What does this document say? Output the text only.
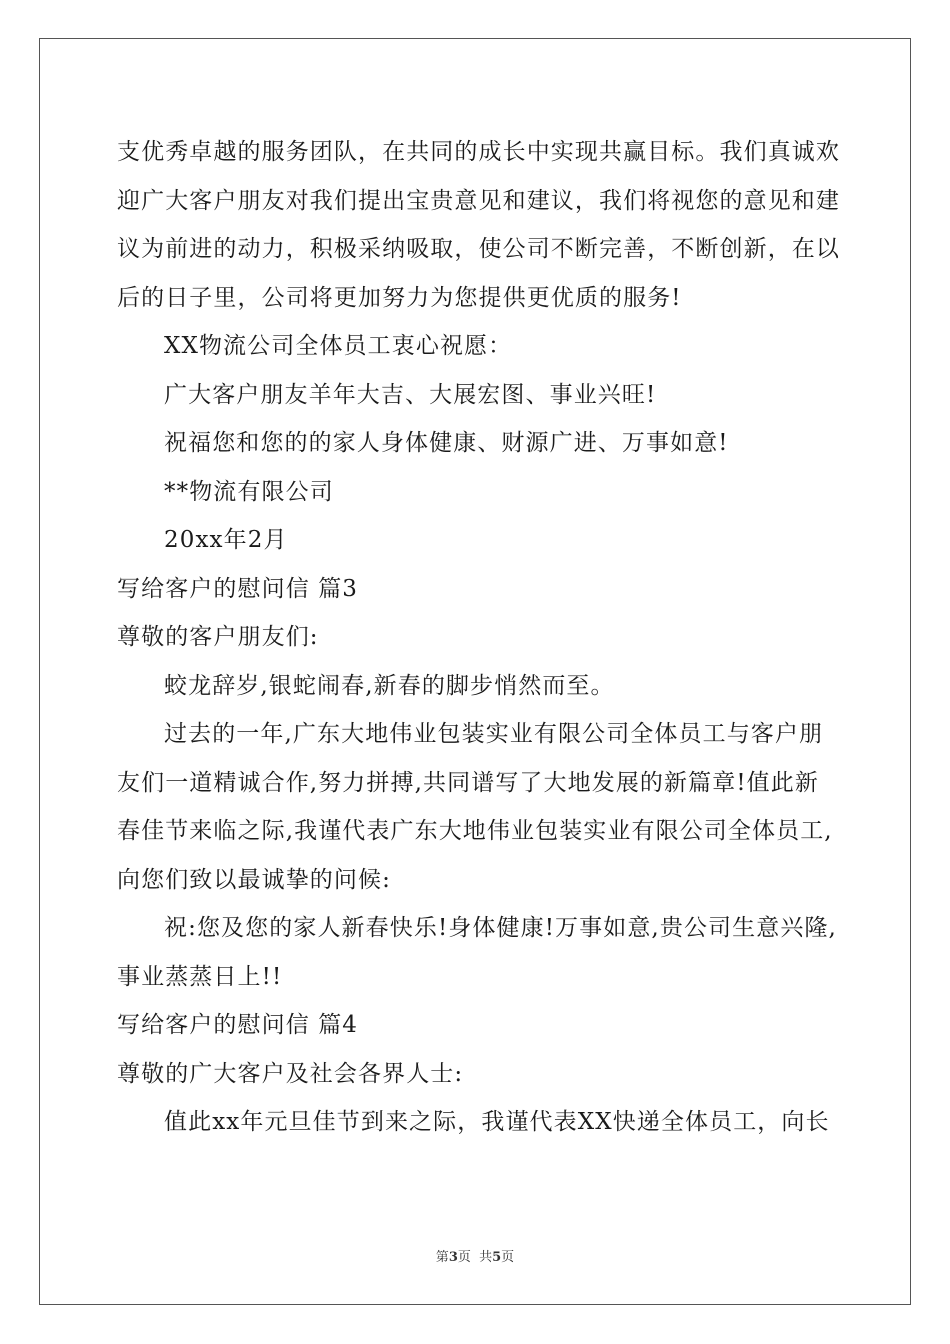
支优秀卓越的服务团队，在共同的成长中实现共赢目标。我们真诚欢
迎广大客户朋友对我们提出宝贵意见和建议，我们将视您的意见和建
议为前进的动力，积极采纳吸取，使公司不断完善，不断创新，在以
后的日子里，公司将更加努力为您提供更优质的服务!
XX物流公司全体员工衷心祝愿：
广大客户朋友羊年大吉、大展宏图、事业兴旺!
祝福您和您的的家人身体健康、财源广进、万事如意!
**物流有限公司
20xx年2月
写给客户的慰问信 篇3
尊敬的客户朋友们:
蛟龙辞岁,银蛇闹春,新春的脚步悄然而至。
过去的一年,广东大地伟业包装实业有限公司全体员工与客户朋
友们一道精诚合作,努力拼搏,共同谱写了大地发展的新篇章!值此新
春佳节来临之际,我谨代表广东大地伟业包装实业有限公司全体员工,
向您们致以最诚挚的问候:
祝:您及您的家人新春快乐!身体健康!万事如意,贵公司生意兴隆,
事业蒸蒸日上!!
写给客户的慰问信 篇4
尊敬的广大客户及社会各界人士:
值此xx年元旦佳节到来之际，我谨代表XX快递全体员工，向长
第3页  共5页
